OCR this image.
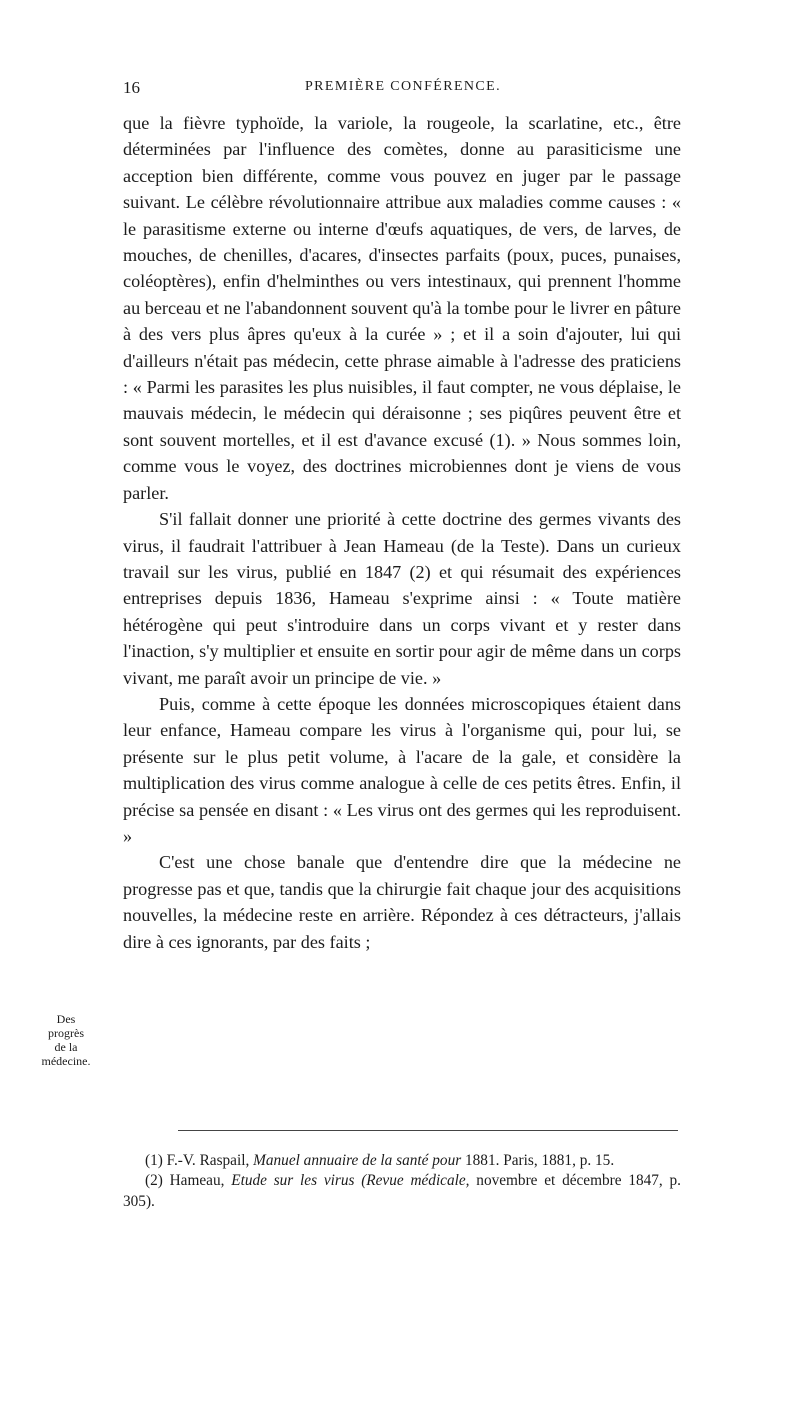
16	PREMIÈRE CONFÉRENCE.

que la fièvre typhoïde, la variole, la rougeole, la scarlatine, etc., être déterminées par l'influence des comètes, donne au parasiticisme une acception bien différente, comme vous pouvez en juger par le passage suivant. Le célèbre révolutionnaire attribue aux maladies comme causes : « le parasitisme externe ou interne d'œufs aquatiques, de vers, de larves, de mouches, de chenilles, d'acares, d'insectes parfaits (poux, puces, punaises, coléoptères), enfin d'helminthes ou vers intestinaux, qui prennent l'homme au berceau et ne l'abandonnent souvent qu'à la tombe pour le livrer en pâture à des vers plus âpres qu'eux à la curée » ; et il a soin d'ajouter, lui qui d'ailleurs n'était pas médecin, cette phrase aimable à l'adresse des praticiens : « Parmi les parasites les plus nuisibles, il faut compter, ne vous déplaise, le mauvais médecin, le médecin qui déraisonne ; ses piqûres peuvent être et sont souvent mortelles, et il est d'avance excusé (1). » Nous sommes loin, comme vous le voyez, des doctrines microbiennes dont je viens de vous parler.

S'il fallait donner une priorité à cette doctrine des germes vivants des virus, il faudrait l'attribuer à Jean Hameau (de la Teste). Dans un curieux travail sur les virus, publié en 1847 (2) et qui résumait des expériences entreprises depuis 1836, Hameau s'exprime ainsi : « Toute matière hétérogène qui peut s'introduire dans un corps vivant et y rester dans l'inaction, s'y multiplier et ensuite en sortir pour agir de même dans un corps vivant, me paraît avoir un principe de vie. »

Puis, comme à cette époque les données microscopiques étaient dans leur enfance, Hameau compare les virus à l'organisme qui, pour lui, se présente sur le plus petit volume, à l'acare de la gale, et considère la multiplication des virus comme analogue à celle de ces petits êtres. Enfin, il précise sa pensée en disant : « Les virus ont des germes qui les reproduisent. »

C'est une chose banale que d'entendre dire que la médecine ne progresse pas et que, tandis que la chirurgie fait chaque jour des acquisitions nouvelles, la médecine reste en arrière. Répondez à ces détracteurs, j'allais dire à ces ignorants, par des faits ;

Des
progrès
de la
médecine.

(1) F.-V. Raspail, Manuel annuaire de la santé pour 1881. Paris, 1881, p. 15.

(2) Hameau, Etude sur les virus (Revue médicale, novembre et décembre 1847, p. 305).
